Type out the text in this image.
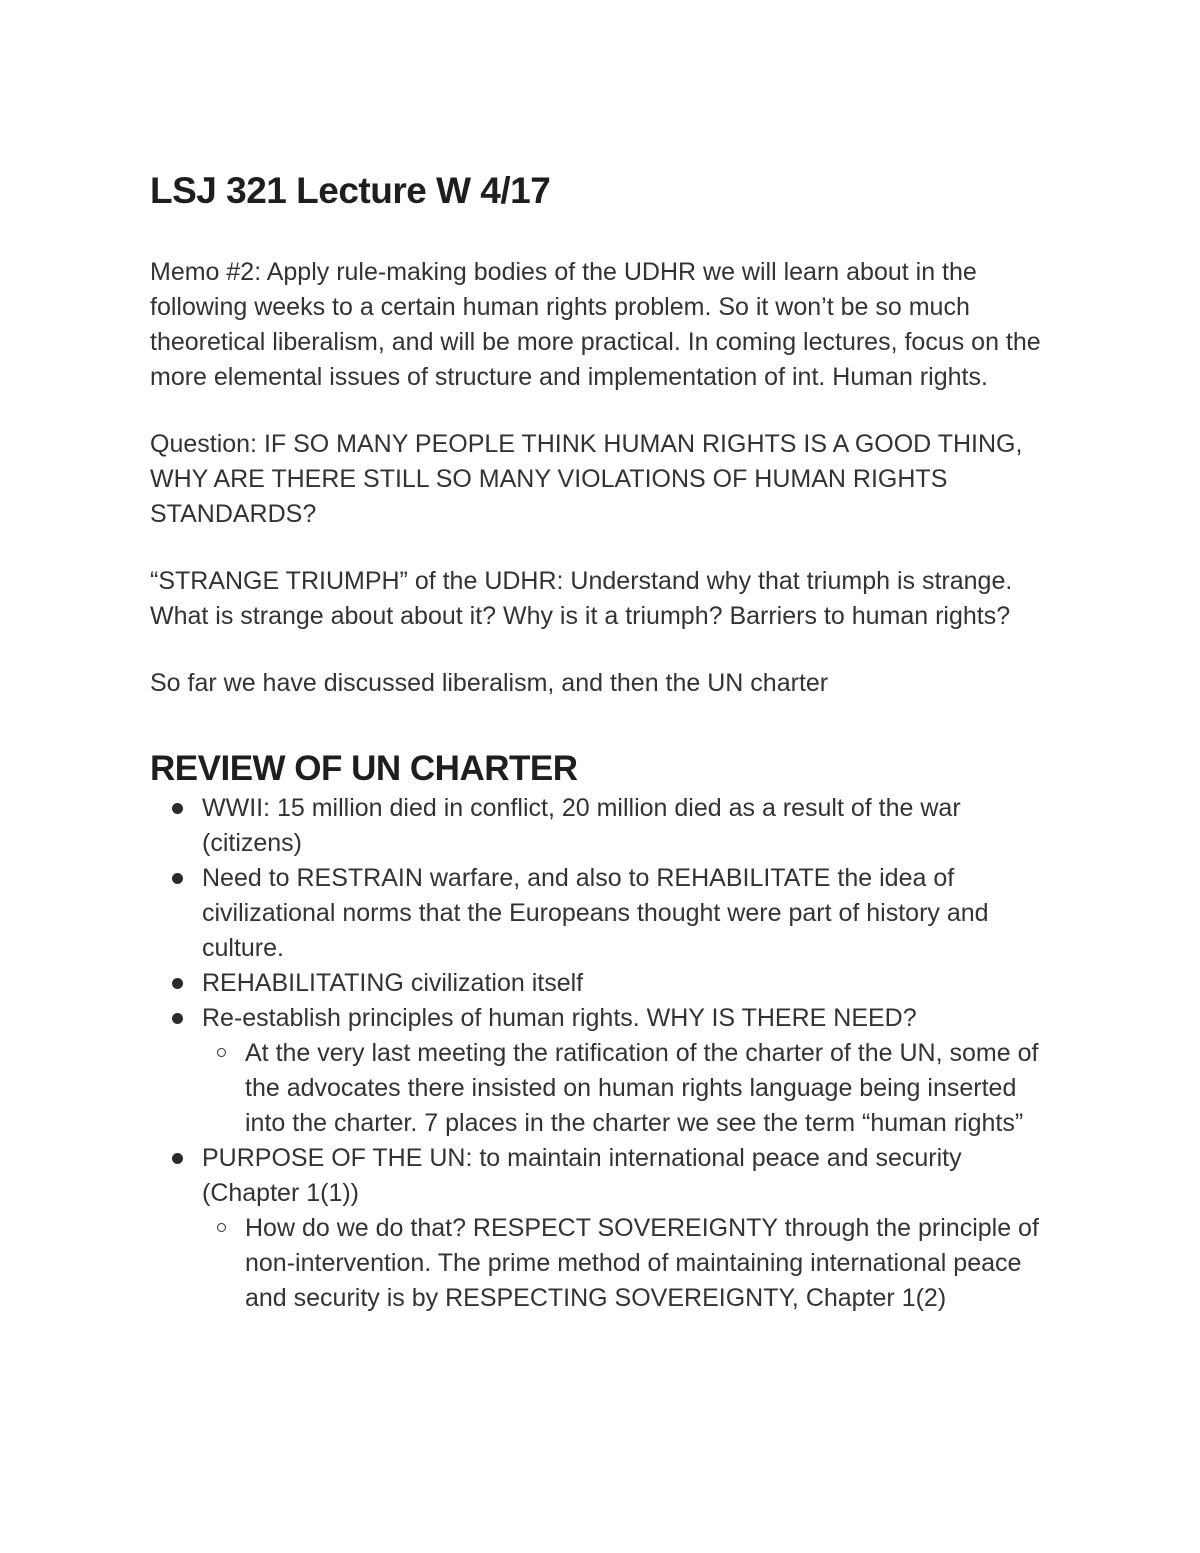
LSJ 321 Lecture W 4/17

Memo #2: Apply rule-making bodies of the UDHR we will learn about in the following weeks to a certain human rights problem. So it won’t be so much theoretical liberalism, and will be more practical. In coming lectures, focus on the more elemental issues of structure and implementation of int. Human rights.

Question: IF SO MANY PEOPLE THINK HUMAN RIGHTS IS A GOOD THING, WHY ARE THERE STILL SO MANY VIOLATIONS OF HUMAN RIGHTS STANDARDS?

“STRANGE TRIUMPH” of the UDHR: Understand why that triumph is strange. What is strange about about it? Why is it a triumph? Barriers to human rights?

So far we have discussed liberalism, and then the UN charter

REVIEW OF UN CHARTER
WWII: 15 million died in conflict, 20 million died as a result of the war (citizens)
Need to RESTRAIN warfare, and also to REHABILITATE the idea of civilizational norms that the Europeans thought were part of history and culture.
REHABILITATING civilization itself
Re-establish principles of human rights. WHY IS THERE NEED?
At the very last meeting the ratification of the charter of the UN, some of the advocates there insisted on human rights language being inserted into the charter. 7 places in the charter we see the term “human rights”
PURPOSE OF THE UN: to maintain international peace and security (Chapter 1(1))
How do we do that? RESPECT SOVEREIGNTY through the principle of non-intervention. The prime method of maintaining international peace and security is by RESPECTING SOVEREIGNTY, Chapter 1(2)
